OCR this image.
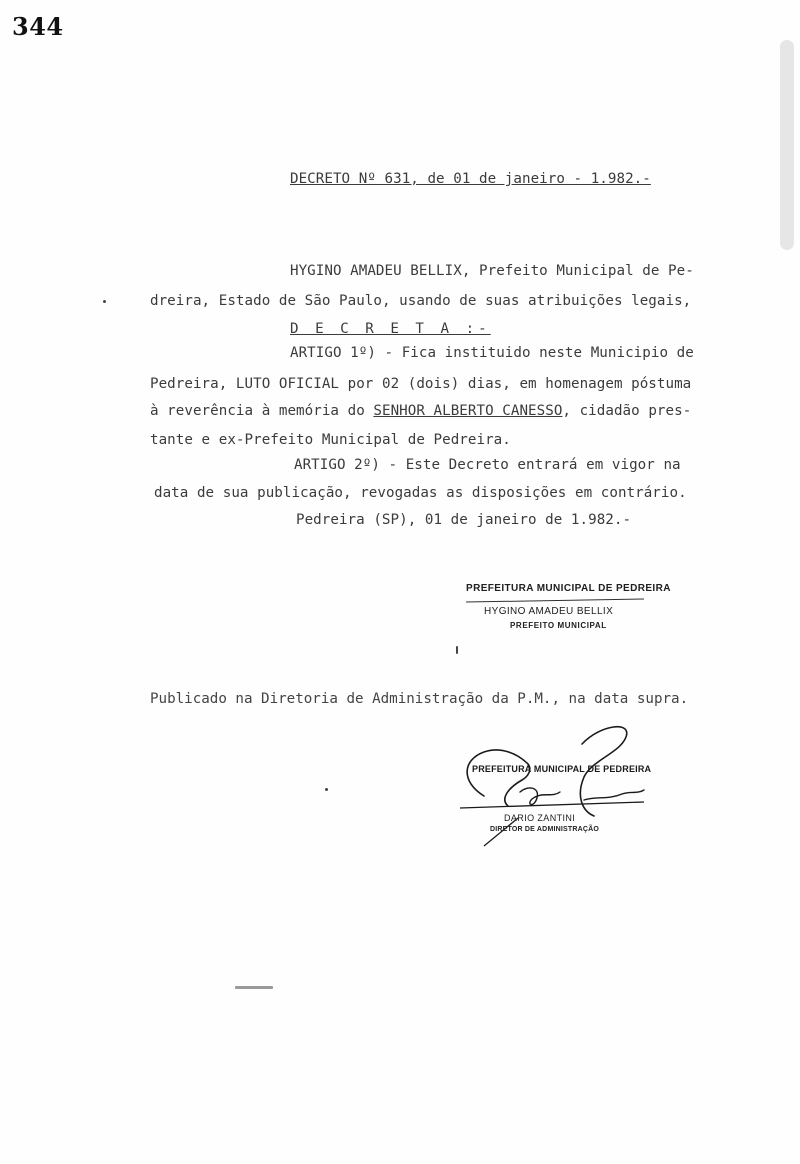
344
DECRETO Nº 631, de 01 de janeiro - 1.982.-
HYGINO AMADEU BELLIX, Prefeito Municipal de Pe-
dreira, Estado de São Paulo, usando de suas atribuições legais,
D E C R E T A :-
ARTIGO 1º) - Fica instituido neste Municipio de
Pedreira, LUTO OFICIAL por 02 (dois) dias, em homenagem póstuma
à reverência à memória do SENHOR ALBERTO CANESSO, cidadão pres-
tante e ex-Prefeito Municipal de Pedreira.
ARTIGO 2º) - Este Decreto entrará em vigor na
data de sua publicação, revogadas as disposições em contrário.
Pedreira (SP), 01 de janeiro de 1.982.-
PREFEITURA MUNICIPAL DE PEDREIRA
HYGINO AMADEU BELLIX
PREFEITO MUNICIPAL
Publicado na Diretoria de Administração da P.M., na data supra.
PREFEITURA MUNICIPAL DE PEDREIRA
DARIO ZANTINI
DIRETOR DE ADMINISTRAÇÃO
